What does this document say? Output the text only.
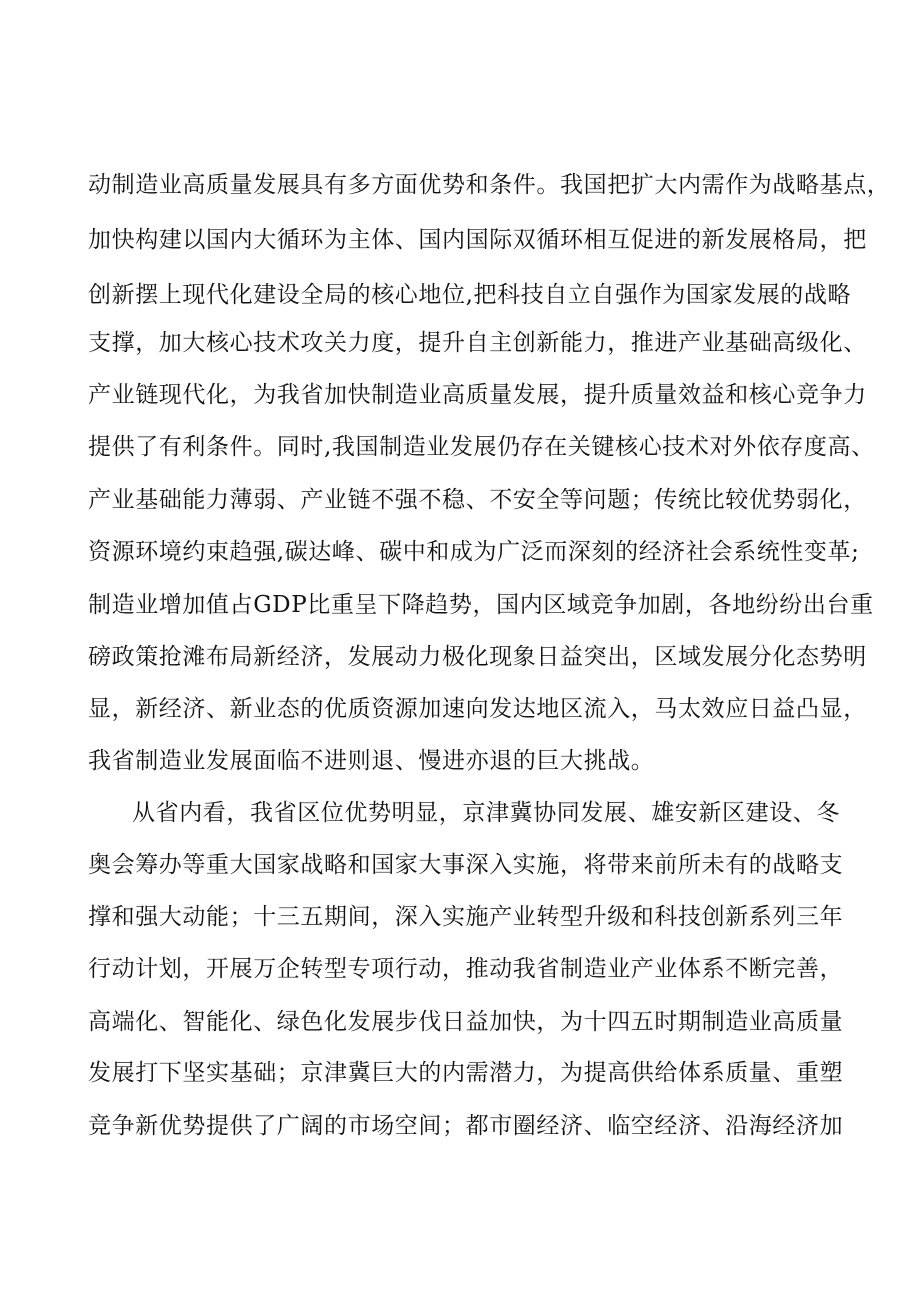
动制造业高质量发展具有多方面优势和条件。我国把扩大内需作为战略基点，
加快构建以国内大循环为主体、国内国际双循环相互促进的新发展格局，把
创新摆上现代化建设全局的核心地位,把科技自立自强作为国家发展的战略
支撑，加大核心技术攻关力度，提升自主创新能力，推进产业基础高级化、
产业链现代化，为我省加快制造业高质量发展，提升质量效益和核心竞争力
提供了有利条件。同时,我国制造业发展仍存在关键核心技术对外依存度高、
产业基础能力薄弱、产业链不强不稳、不安全等问题；传统比较优势弱化，
资源环境约束趋强,碳达峰、碳中和成为广泛而深刻的经济社会系统性变革;
制造业增加值占GDP比重呈下降趋势，国内区域竞争加剧，各地纷纷出台重
磅政策抢滩布局新经济，发展动力极化现象日益突出，区域发展分化态势明
显，新经济、新业态的优质资源加速向发达地区流入，马太效应日益凸显，
我省制造业发展面临不进则退、慢进亦退的巨大挑战。
从省内看，我省区位优势明显，京津冀协同发展、雄安新区建设、冬
奥会筹办等重大国家战略和国家大事深入实施，将带来前所未有的战略支
撑和强大动能；十三五期间，深入实施产业转型升级和科技创新系列三年
行动计划，开展万企转型专项行动，推动我省制造业产业体系不断完善，
高端化、智能化、绿色化发展步伐日益加快，为十四五时期制造业高质量
发展打下坚实基础；京津冀巨大的内需潜力，为提高供给体系质量、重塑
竞争新优势提供了广阔的市场空间；都市圈经济、临空经济、沿海经济加
